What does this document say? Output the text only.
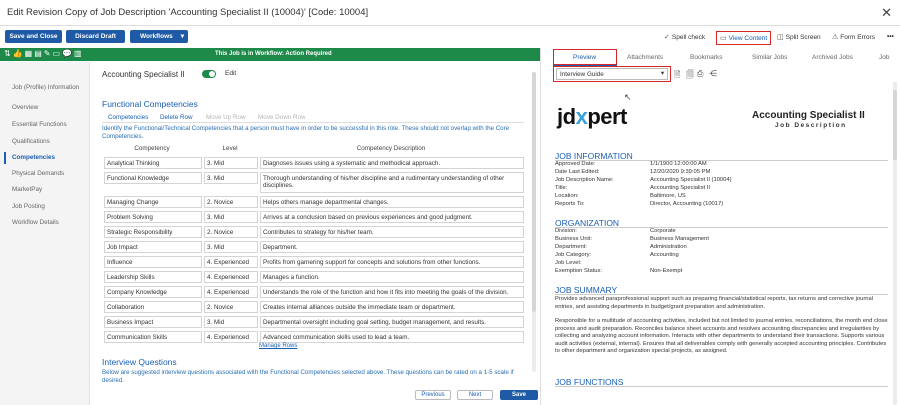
Edit Revision Copy of Job Description 'Accounting Specialist II (10004)' [Code: 10004]	✕
Save and Close	Discard Draft	Workflows ▾	✓ Spell check	▭ View Content	◫ Split Screen ⚠ Form Errors •••
⇅👍▦▤✎▭💬▥	This Job is in Workflow: Action Required
Job (Profile) Information
Overview
Essential Functions
Qualifications
Competencies
Physical Demands
MarketPay
Job Posting
Workflow Details
Accounting Specialist II	Edit
Functional Competencies
Competencies Delete Row Move Up Row Move Down Row
Identify the Functional/Technical Competencies that a person must have in order to be successful in this role. These should not overlap with the Core Competencies.
Competency	Level	Competency Description

Analytical Thinking	3. Mid	Diagnoses issues using a systematic and methodical approach.

Functional Knowledge	3. Mid	Thorough understanding of his/her discipline and a rudimentary understanding of other disciplines.

Managing Change	2. Novice	Helps others manage departmental changes.

Problem Solving	3. Mid	Arrives at a conclusion based on previous experiences and good judgment.

Strategic Responsibility	2. Novice	Contributes to strategy for his/her team.

Job Impact	3. Mid	Department.

Influence	4. Experienced	Profits from garnering support for concepts and solutions from other functions.

Leadership Skills	4. Experienced	Manages a function.

Company Knowledge	4. Experienced	Understands the role of the function and how it fits into meeting the goals of the division.

Collaboration	2. Novice	Creates internal alliances outside the immediate team or department.

Business Impact	3. Mid	Departmental oversight including goal setting, budget management, and results.

Communication Skills	4. Experienced	Advanced communication skills used to lead a team.
Manage Rows
Interview Questions
Below are suggested interview questions associated with the Functional Competencies selected above. These questions can be rated on a 1-5 scale if desired.
Previous	Next	Save
Preview	Attachments	Bookmarks	Similar Jobs	Archived Jobs	Job
Interview Guide	▾ 🗎 🗐 ⎙ ⋲
↖
jdxpert	Accounting Specialist II
Job Description
JOB INFORMATION
Approved Date:	1/1/1900 12:00:00 AM
Date Last Edited:	12/20/2020 9:39:05 PM
Job Description Name:	Accounting Specialist II (10004)
Title:	Accounting Specialist II
Location:	Baltimore, US
Reports To:	Director, Accounting (10017)
ORGANIZATION
Division:	Corporate
Business Unit:	Business Management
Department:	Administration
Job Category:	Accounting
Job Level:
Exemption Status:	Non-Exempt
JOB SUMMARY
Provides advanced paraprofessional support such as preparing financial/statistical reports, tax returns and corrective journal entries, and assisting departments in budget/grant preparation and administration.
Responsible for a multitude of accounting activities, included but not limited to journal entries, reconciliations, the month end close process and audit preparation. Reconciles balance sheet accounts and resolves accounting discrepancies and irregularities by collecting and analyzing account information. Interacts with other departments to understand their transactions. Supports various audit activities (external, internal). Ensures that all deliverables comply with generally accepted accounting principles. Contributes to other department and organization special projects, as assigned.
JOB FUNCTIONS
